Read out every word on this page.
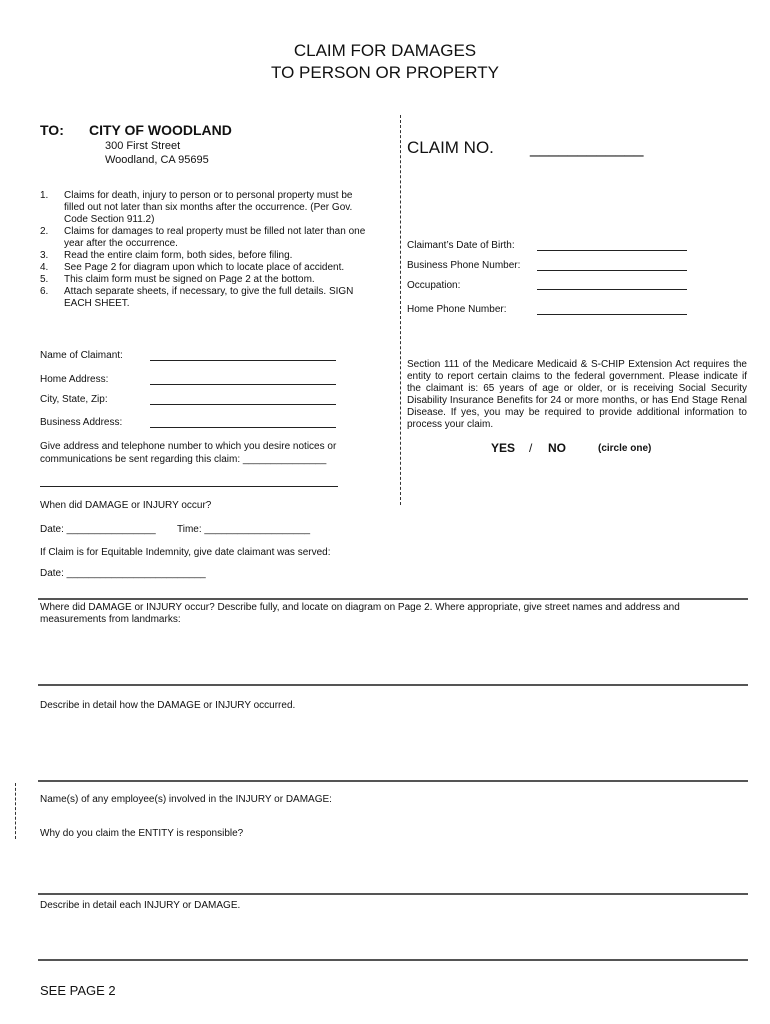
CLAIM FOR DAMAGES
TO PERSON OR PROPERTY
TO: CITY OF WOODLAND
300 First Street
Woodland, CA 95695
CLAIM NO. ____________
1. Claims for death, injury to person or to personal property must be filled out not later than six months after the occurrence. (Per Gov. Code Section 911.2)
2. Claims for damages to real property must be filled not later than one year after the occurrence.
3. Read the entire claim form, both sides, before filing.
4. See Page 2 for diagram upon which to locate place of accident.
5. This claim form must be signed on Page 2 at the bottom.
6. Attach separate sheets, if necessary, to give the full details. SIGN EACH SHEET.
Claimant’s Date of Birth:
Business Phone Number:
Occupation:
Home Phone Number:
Name of Claimant:
Home Address:
City, State, Zip:
Business Address:
Give address and telephone number to which you desire notices or
communications be sent regarding this claim: _______________
Section 111 of the Medicare Medicaid & S-CHIP Extension Act requires the entity to report certain claims to the federal government. Please indicate if the claimant is: 65 years of age or older, or is receiving Social Security Disability Insurance Benefits for 24 or more months, or has End Stage Renal Disease. If yes, you may be required to provide additional information to process your claim.
YES / NO	(circle one)
When did DAMAGE or INJURY occur?
Date: ________________ Time: ___________________
If Claim is for Equitable Indemnity, give date claimant was served:
Date: _________________________
Where did DAMAGE or INJURY occur? Describe fully, and locate on diagram on Page 2. Where appropriate, give street names and address and
measurements from landmarks:
Describe in detail how the DAMAGE or INJURY occurred.
Name(s) of any employee(s) involved in the INJURY or DAMAGE:
Why do you claim the ENTITY is responsible?
Describe in detail each INJURY or DAMAGE.
SEE PAGE 2
